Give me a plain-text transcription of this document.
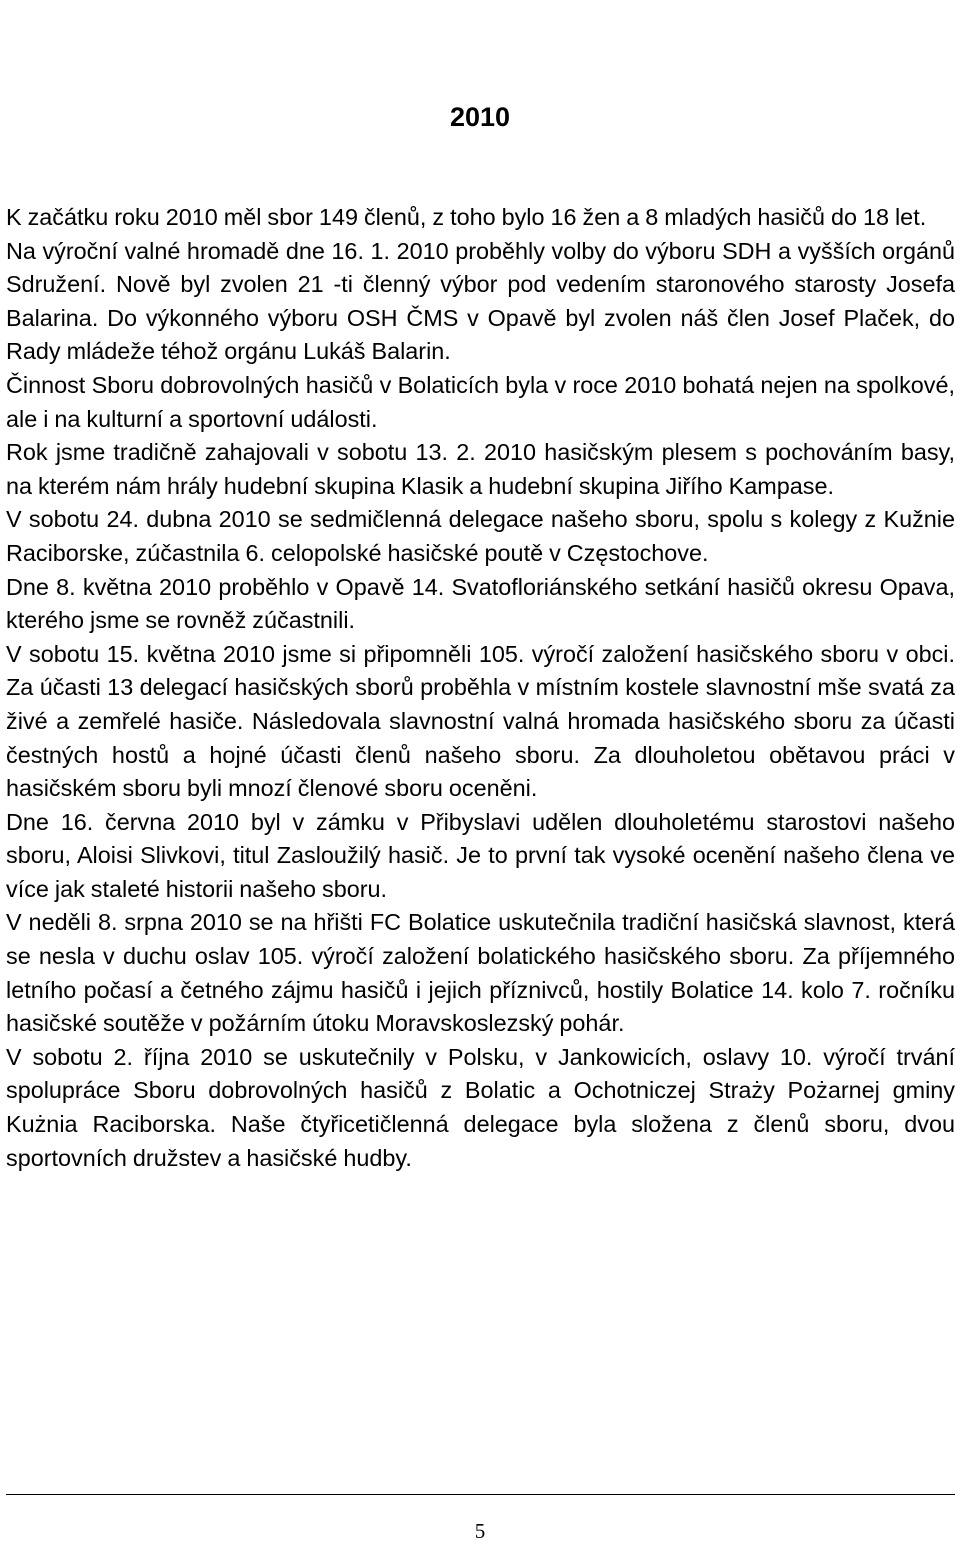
2010

K začátku roku 2010 měl sbor 149 členů, z toho bylo 16 žen a 8 mladých hasičů do 18 let.

Na výroční valné hromadě dne 16. 1. 2010 proběhly volby do výboru SDH a vyšších orgánů Sdružení. Nově byl zvolen 21 -ti členný výbor pod vedením staronového starosty Josefa Balarina. Do výkonného výboru OSH ČMS v Opavě byl zvolen náš člen Josef Plaček, do Rady mládeže téhož orgánu Lukáš Balarin.

Činnost Sboru dobrovolných hasičů v Bolaticích byla v roce 2010 bohatá nejen na spolkové, ale i na kulturní a sportovní události.

Rok jsme tradičně zahajovali v sobotu 13. 2. 2010 hasičským plesem s pochováním basy, na kterém nám hrály hudební skupina Klasik a hudební skupina Jiřího Kampase.

V sobotu 24. dubna 2010 se sedmičlenná delegace našeho sboru, spolu s kolegy z Kužnie Raciborske, zúčastnila 6. celopolské hasičské poutě v Częstochove.

Dne 8. května 2010 proběhlo v Opavě 14. Svatofloriánského setkání hasičů okresu Opava, kterého jsme se rovněž zúčastnili.

V sobotu 15. května 2010 jsme si připomněli 105. výročí založení hasičského sboru v obci. Za účasti 13 delegací hasičských sborů proběhla v místním kostele slavnostní mše svatá za živé a zemřelé hasiče. Následovala slavnostní valná hromada hasičského sboru za účasti čestných hostů a hojné účasti členů našeho sboru. Za dlouholetou obětavou práci v hasičském sboru byli mnozí členové sboru oceněni.

Dne 16. června 2010 byl v zámku v Přibyslavi udělen dlouholetému starostovi našeho sboru, Aloisi Slivkovi, titul Zasloužilý hasič. Je to první tak vysoké ocenění našeho člena ve více jak staleté historii našeho sboru.

V neděli 8. srpna 2010 se na hřišti FC Bolatice uskutečnila tradiční hasičská slavnost, která se nesla v duchu oslav 105. výročí založení bolatického hasičského sboru. Za příjemného letního počasí a četného zájmu hasičů i jejich příznivců, hostily Bolatice 14. kolo 7. ročníku hasičské soutěže v požárním útoku Moravskoslezský pohár.

V sobotu 2. října 2010 se uskutečnily v Polsku, v Jankowicích, oslavy 10. výročí trvání spolupráce Sboru dobrovolných hasičů z Bolatic a Ochotniczej Straży Pożarnej gminy Kużnia Raciborska. Naše čtyřicetičlenná delegace byla složena z členů sboru, dvou sportovních družstev a hasičské hudby.

5
